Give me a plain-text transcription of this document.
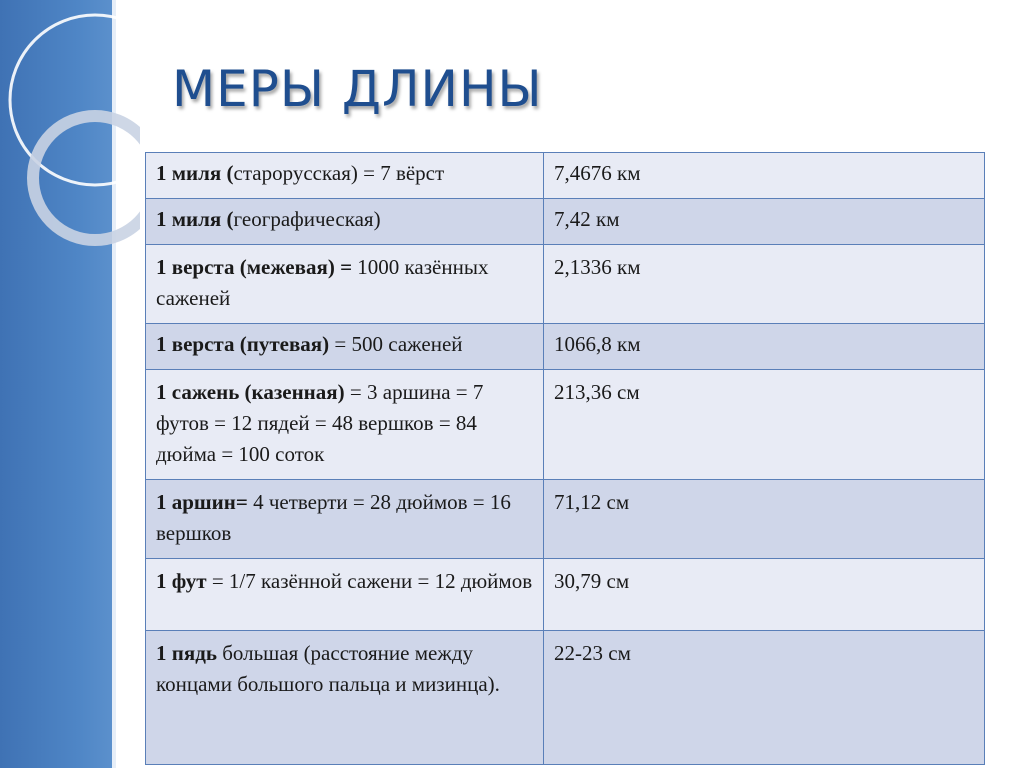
МЕРЫ ДЛИНЫ
1 миля (старорусская) = 7 вёрст	7,4676 км
1 миля (географическая)	7,42 км
1 верста (межевая) = 1000 казённых саженей	2,1336 км
1 верста (путевая) = 500 саженей	1066,8 км
1 сажень (казенная) = 3 аршина = 7 футов = 12 пядей = 48 вершков = 84 дюйма = 100 соток	213,36 см
1 аршин= 4 четверти = 28 дюймов = 16 вершков	71,12 см
1 фут = 1/7 казённой сажени = 12 дюймов	30,79 см
1 пядь большая (расстояние между концами большого пальца и мизинца).	22-23 см
